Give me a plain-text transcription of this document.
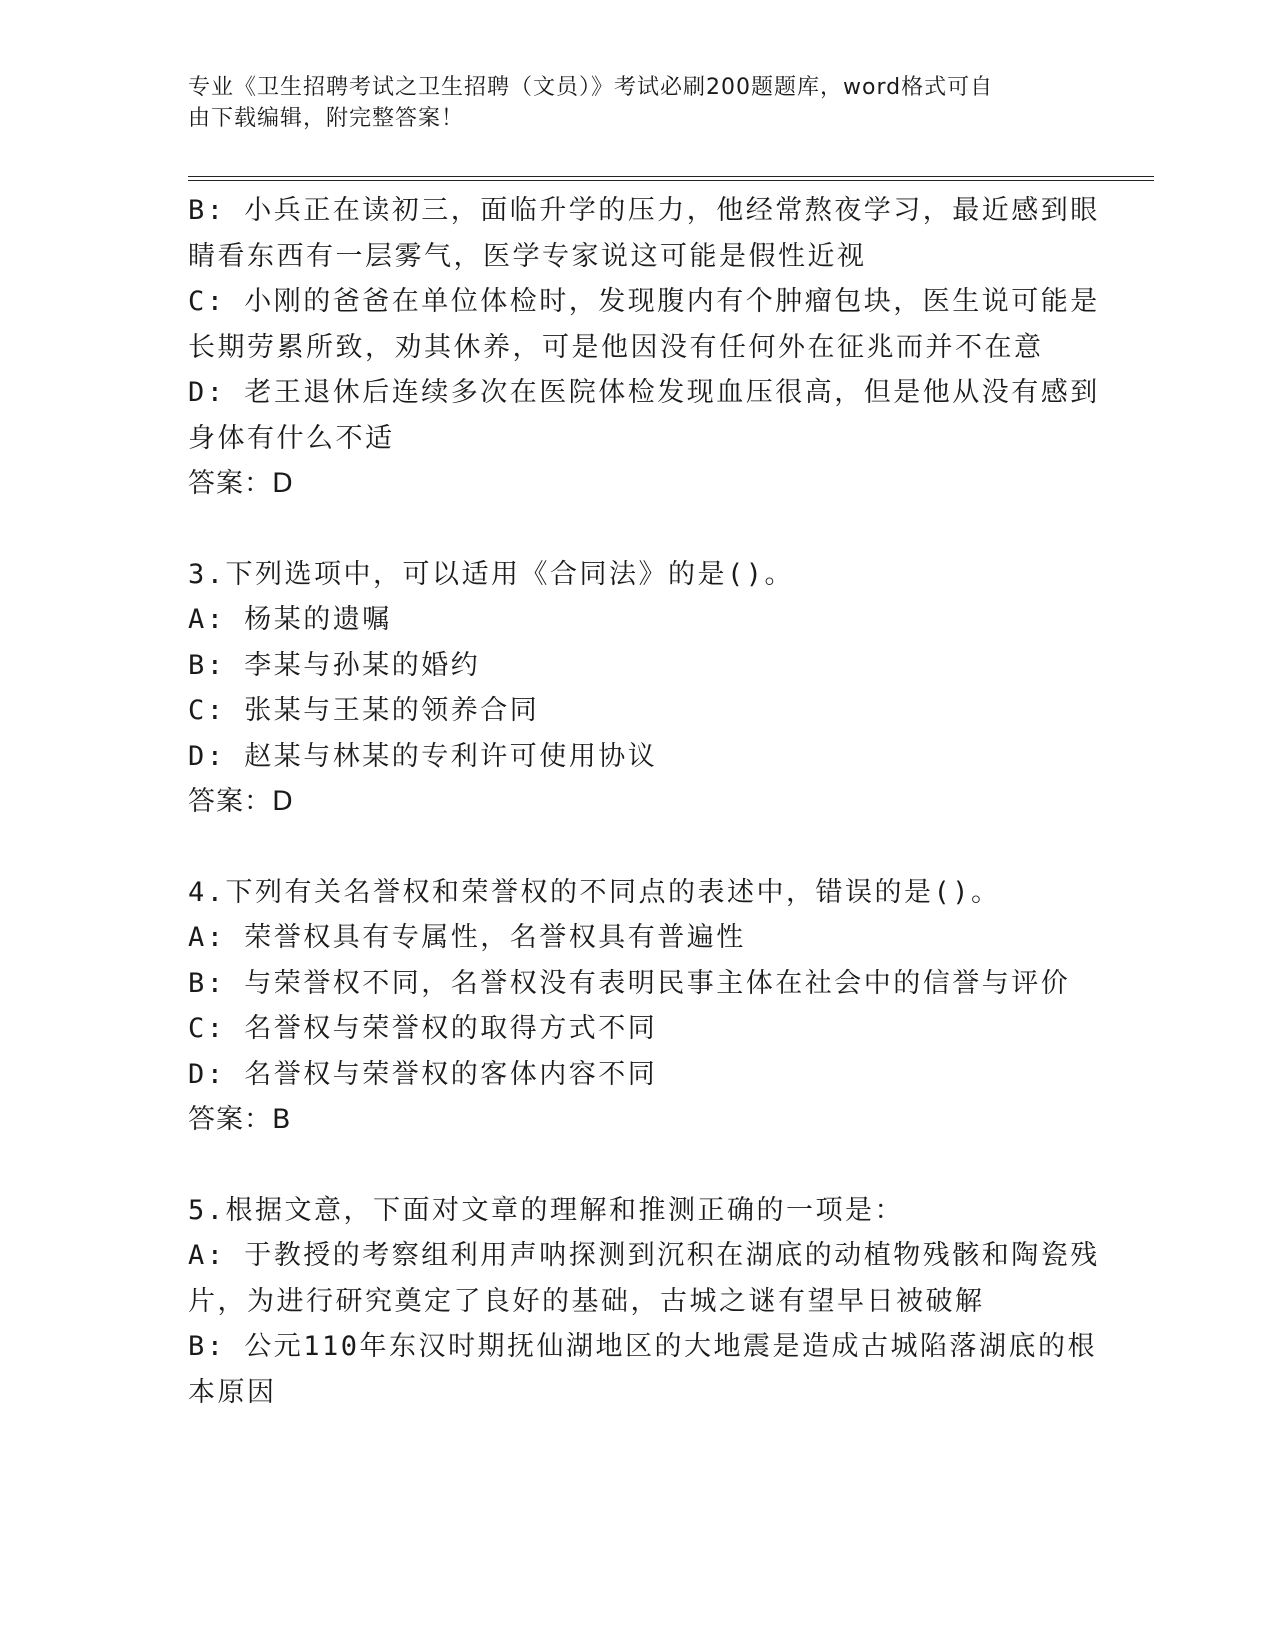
专业《卫生招聘考试之卫生招聘（文员）》考试必刷200题题库，word格式可自
由下载编辑，附完整答案！
B: 小兵正在读初三，面临升学的压力，他经常熬夜学习，最近感到眼
睛看东西有一层雾气，医学专家说这可能是假性近视
C: 小刚的爸爸在单位体检时，发现腹内有个肿瘤包块，医生说可能是
长期劳累所致，劝其休养，可是他因没有任何外在征兆而并不在意
D: 老王退休后连续多次在医院体检发现血压很高，但是他从没有感到
身体有什么不适
答案：D
3.下列选项中，可以适用《合同法》的是()。
A: 杨某的遗嘱
B: 李某与孙某的婚约
C: 张某与王某的领养合同
D: 赵某与林某的专利许可使用协议
答案：D
4.下列有关名誉权和荣誉权的不同点的表述中，错误的是()。
A: 荣誉权具有专属性，名誉权具有普遍性
B: 与荣誉权不同，名誉权没有表明民事主体在社会中的信誉与评价
C: 名誉权与荣誉权的取得方式不同
D: 名誉权与荣誉权的客体内容不同
答案：B
5.根据文意，下面对文章的理解和推测正确的一项是：
A: 于教授的考察组利用声呐探测到沉积在湖底的动植物残骸和陶瓷残
片，为进行研究奠定了良好的基础，古城之谜有望早日被破解
B: 公元110年东汉时期抚仙湖地区的大地震是造成古城陷落湖底的根
本原因
